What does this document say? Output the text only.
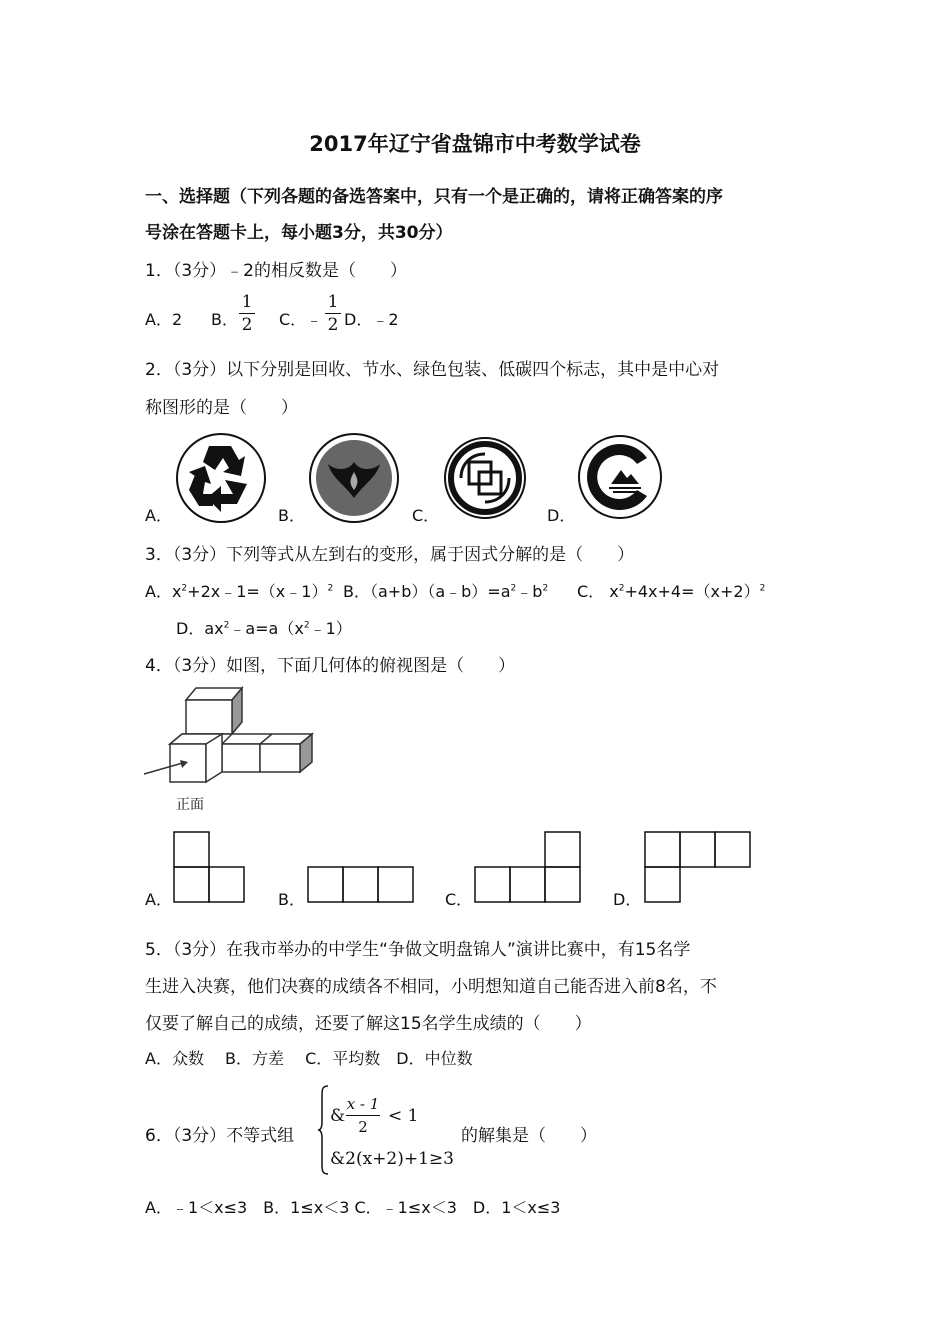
2017年辽宁省盘锦市中考数学试卷
一、选择题（下列各题的备选答案中，只有一个是正确的，请将正确答案的序
号涂在答题卡上，每小题3分，共30分）
1．（3分）﹣2的相反数是（　　）
A．2 B．
1
2 C．﹣
1
2 D．﹣2
2．（3分）以下分别是回收、节水、绿色包装、低碳四个标志，其中是中心对
称图形的是（　　）
A．	B．	C．	D．
3．（3分）下列等式从左到右的变形，属于因式分解的是（　　）
A．$x^2+2x﹣1=(x﹣1)^2$ B．$(a+b)(a﹣b)=a^2﹣b^2$ C． $x^2+4x+4=(x+2)^2$
D．$ax^2﹣a=a(x^2﹣1)$
4．（3分）如图，下面几何体的俯视图是（　　）
正面
A．	B．	C．	D．
5．（3分）在我市举办的中学生“争做文明盘锦人”演讲比赛中，有15名学
生进入决赛，他们决赛的成绩各不相同，小明想知道自己能否进入前8名，不
仅要了解自己的成绩，还要了解这15名学生成绩的（　　）
A．众数　 B．方差　 C．平均数　D．中位数
6．（3分）不等式组
&
x - 1
2
< 1
&2(x+2)+1≥3
的解集是（　　）
A．﹣1＜x≤3　B．1≤x＜3 C．﹣1≤x＜3　D．1＜x≤3
